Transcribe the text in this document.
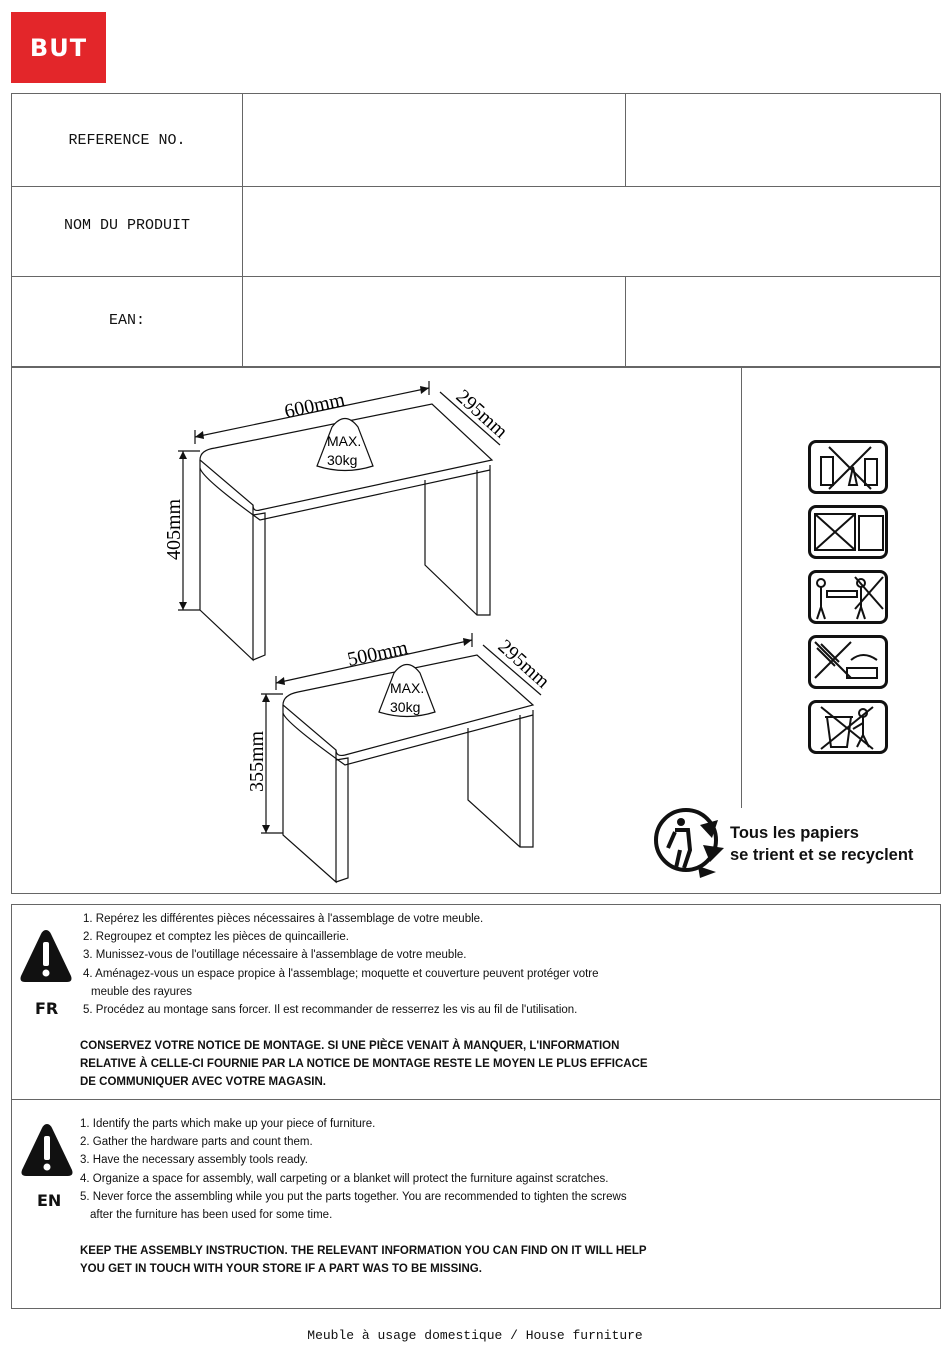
BUT
REFERENCE NO.
NOM DU PRODUIT
EAN:
600mm	295mm
405mm
MAX.
30kg
500mm	295mm
355mm
MAX.
30kg
Tous les papiers
se trient et se recyclent
FR
1. Repérez les différentes pièces nécessaires à l'assemblage de votre meuble.
2. Regroupez et comptez les pièces de quincaillerie.
3. Munissez-vous de l'outillage nécessaire à l'assemblage de votre meuble.
4. Aménagez-vous un espace propice à l'assemblage; moquette et couverture peuvent protéger votre
meuble des rayures
5. Procédez au montage sans forcer. Il est recommander de resserrez les vis au fil de l'utilisation.
CONSERVEZ VOTRE NOTICE DE MONTAGE. SI UNE PIÈCE VENAIT À MANQUER, L'INFORMATION
RELATIVE À CELLE-CI FOURNIE PAR LA NOTICE DE MONTAGE RESTE LE MOYEN LE PLUS EFFICACE
DE COMMUNIQUER AVEC VOTRE MAGASIN.
EN
1. Identify the parts which make up your piece of furniture.
2. Gather the hardware parts and count them.
3. Have the necessary assembly tools ready.
4. Organize a space for assembly, wall carpeting or a blanket will protect the furniture against scratches.
5. Never force the assembling while you put the parts together. You are recommended to tighten the screws
after the furniture has been used for some time.
KEEP THE ASSEMBLY INSTRUCTION. THE RELEVANT INFORMATION YOU CAN FIND ON IT WILL HELP
YOU GET IN TOUCH WITH YOUR STORE IF A PART WAS TO BE MISSING.
Meuble à usage domestique / House furniture
